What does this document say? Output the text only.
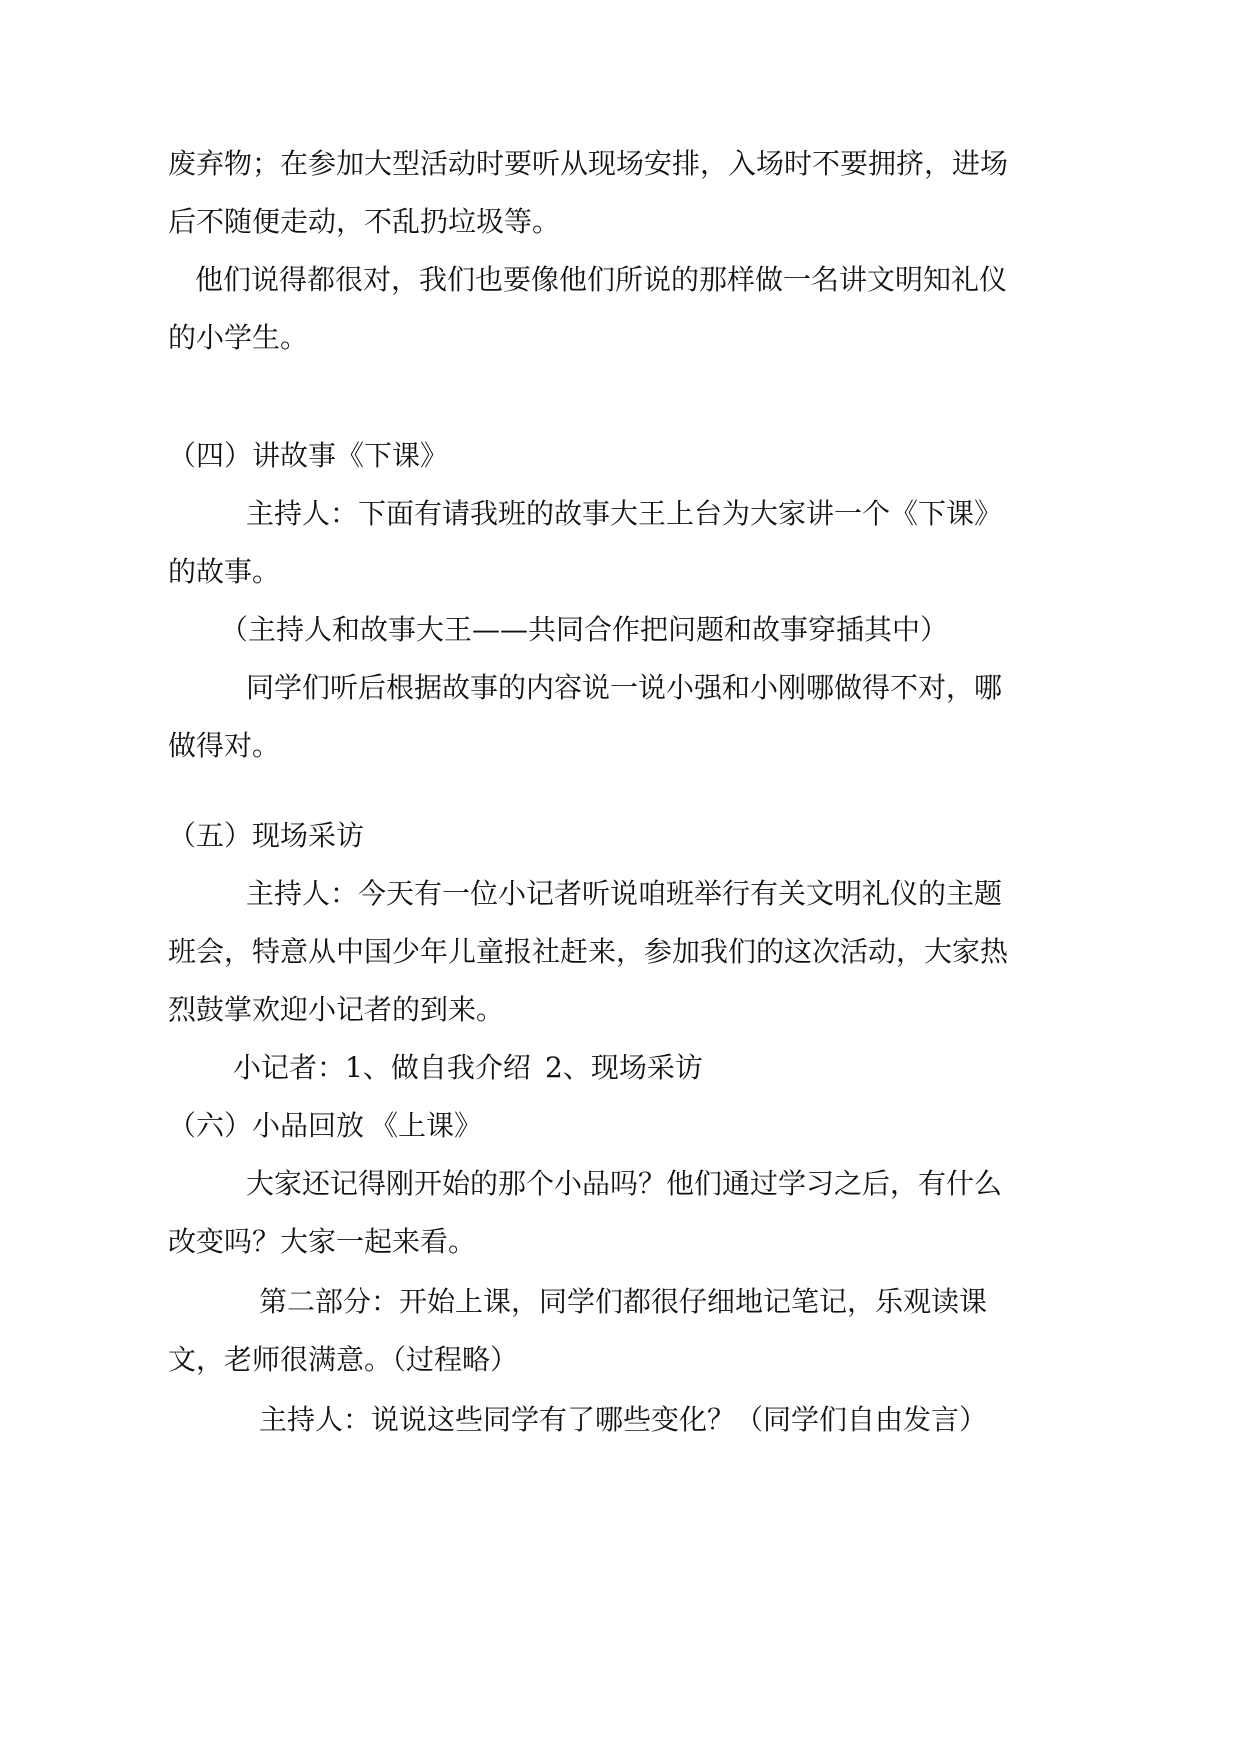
废弃物；在参加大型活动时要听从现场安排，入场时不要拥挤，进场
后不随便走动，不乱扔垃圾等。
他们说得都很对，我们也要像他们所说的那样做一名讲文明知礼仪
的小学生。
（四）讲故事《下课》
主持人：下面有请我班的故事大王上台为大家讲一个《下课》
的故事。
（主持人和故事大王——共同合作把问题和故事穿插其中）
同学们听后根据故事的内容说一说小强和小刚哪做得不对，哪
做得对。
（五）现场采访
主持人：今天有一位小记者听说咱班举行有关文明礼仪的主题
班会，特意从中国少年儿童报社赶来，参加我们的这次活动，大家热
烈鼓掌欢迎小记者的到来。
小记者：1、做自我介绍 2、现场采访
（六）小品回放 《上课》
大家还记得刚开始的那个小品吗？他们通过学习之后，有什么
改变吗？大家一起来看。
第二部分：开始上课，同学们都很仔细地记笔记，乐观读课
文，老师很满意。（过程略）
主持人：说说这些同学有了哪些变化？（同学们自由发言）
